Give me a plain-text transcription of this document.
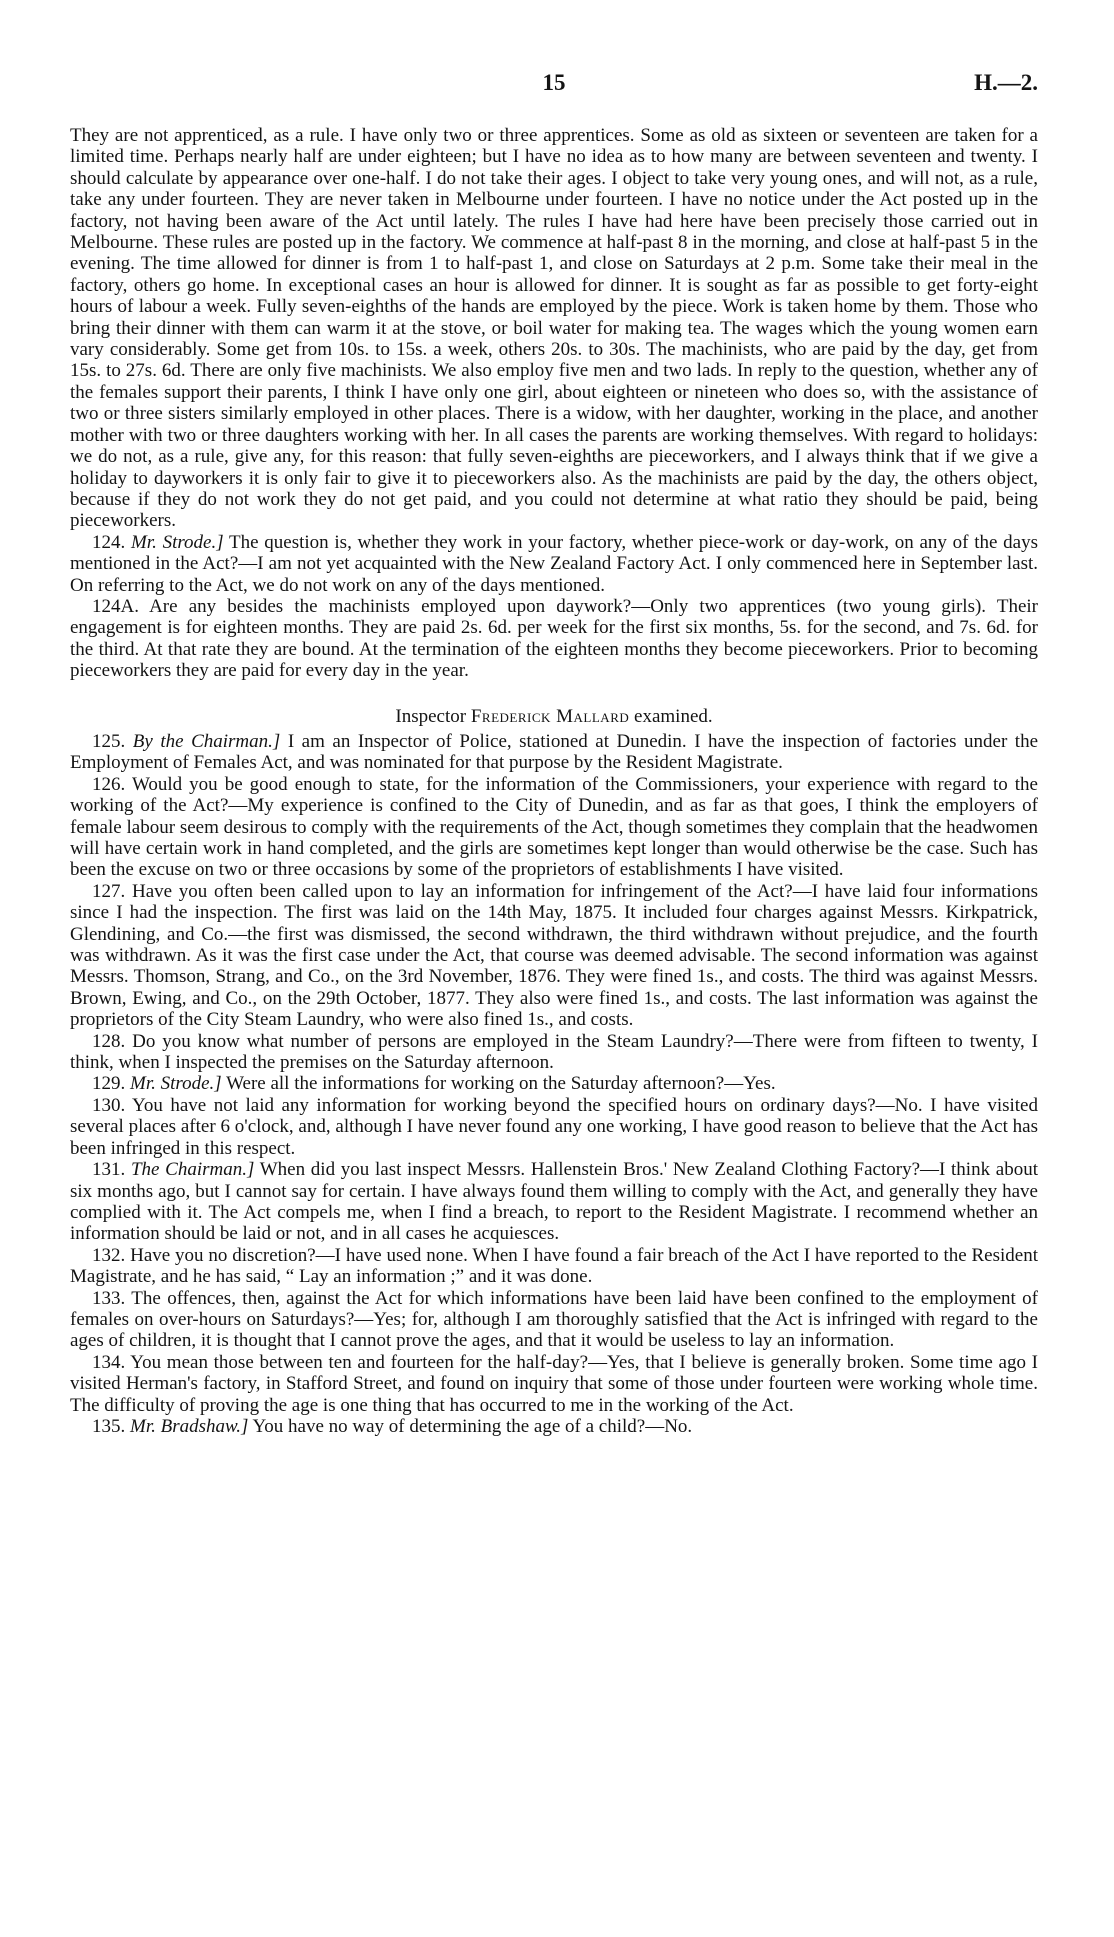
15	H.—2.

They are not apprenticed, as a rule. I have only two or three apprentices. Some as old as sixteen or seventeen are taken for a limited time. Perhaps nearly half are under eighteen; but I have no idea as to how many are between seventeen and twenty. I should calculate by appearance over one-half. I do not take their ages. I object to take very young ones, and will not, as a rule, take any under fourteen. They are never taken in Melbourne under fourteen. I have no notice under the Act posted up in the factory, not having been aware of the Act until lately. The rules I have had here have been precisely those carried out in Melbourne. These rules are posted up in the factory. We commence at half-past 8 in the morning, and close at half-past 5 in the evening. The time allowed for dinner is from 1 to half-past 1, and close on Saturdays at 2 p.m. Some take their meal in the factory, others go home. In exceptional cases an hour is allowed for dinner. It is sought as far as possible to get forty-eight hours of labour a week. Fully seven-eighths of the hands are employed by the piece. Work is taken home by them. Those who bring their dinner with them can warm it at the stove, or boil water for making tea. The wages which the young women earn vary considerably. Some get from 10s. to 15s. a week, others 20s. to 30s. The machinists, who are paid by the day, get from 15s. to 27s. 6d. There are only five machinists. We also employ five men and two lads. In reply to the question, whether any of the females support their parents, I think I have only one girl, about eighteen or nineteen who does so, with the assistance of two or three sisters similarly employed in other places. There is a widow, with her daughter, working in the place, and another mother with two or three daughters working with her. In all cases the parents are working themselves. With regard to holidays: we do not, as a rule, give any, for this reason: that fully seven-eighths are pieceworkers, and I always think that if we give a holiday to dayworkers it is only fair to give it to pieceworkers also. As the machinists are paid by the day, the others object, because if they do not work they do not get paid, and you could not determine at what ratio they should be paid, being pieceworkers.

124. Mr. Strode.] The question is, whether they work in your factory, whether piece-work or day-work, on any of the days mentioned in the Act?—I am not yet acquainted with the New Zealand Factory Act. I only commenced here in September last. On referring to the Act, we do not work on any of the days mentioned.

124A. Are any besides the machinists employed upon daywork?—Only two apprentices (two young girls). Their engagement is for eighteen months. They are paid 2s. 6d. per week for the first six months, 5s. for the second, and 7s. 6d. for the third. At that rate they are bound. At the termination of the eighteen months they become pieceworkers. Prior to becoming pieceworkers they are paid for every day in the year.

Inspector Frederick Mallard examined.

125. By the Chairman.] I am an Inspector of Police, stationed at Dunedin. I have the inspection of factories under the Employment of Females Act, and was nominated for that purpose by the Resident Magistrate.

126. Would you be good enough to state, for the information of the Commissioners, your experience with regard to the working of the Act?—My experience is confined to the City of Dunedin, and as far as that goes, I think the employers of female labour seem desirous to comply with the requirements of the Act, though sometimes they complain that the headwomen will have certain work in hand completed, and the girls are sometimes kept longer than would otherwise be the case. Such has been the excuse on two or three occasions by some of the proprietors of establishments I have visited.

127. Have you often been called upon to lay an information for infringement of the Act?—I have laid four informations since I had the inspection. The first was laid on the 14th May, 1875. It included four charges against Messrs. Kirkpatrick, Glendining, and Co.—the first was dismissed, the second withdrawn, the third withdrawn without prejudice, and the fourth was withdrawn. As it was the first case under the Act, that course was deemed advisable. The second information was against Messrs. Thomson, Strang, and Co., on the 3rd November, 1876. They were fined 1s., and costs. The third was against Messrs. Brown, Ewing, and Co., on the 29th October, 1877. They also were fined 1s., and costs. The last information was against the proprietors of the City Steam Laundry, who were also fined 1s., and costs.

128. Do you know what number of persons are employed in the Steam Laundry?—There were from fifteen to twenty, I think, when I inspected the premises on the Saturday afternoon.

129. Mr. Strode.] Were all the informations for working on the Saturday afternoon?—Yes.

130. You have not laid any information for working beyond the specified hours on ordinary days?—No. I have visited several places after 6 o'clock, and, although I have never found any one working, I have good reason to believe that the Act has been infringed in this respect.

131. The Chairman.] When did you last inspect Messrs. Hallenstein Bros.' New Zealand Clothing Factory?—I think about six months ago, but I cannot say for certain. I have always found them willing to comply with the Act, and generally they have complied with it. The Act compels me, when I find a breach, to report to the Resident Magistrate. I recommend whether an information should be laid or not, and in all cases he acquiesces.

132. Have you no discretion?—I have used none. When I have found a fair breach of the Act I have reported to the Resident Magistrate, and he has said, “ Lay an information ;” and it was done.

133. The offences, then, against the Act for which informations have been laid have been confined to the employment of females on over-hours on Saturdays?—Yes; for, although I am thoroughly satisfied that the Act is infringed with regard to the ages of children, it is thought that I cannot prove the ages, and that it would be useless to lay an information.

134. You mean those between ten and fourteen for the half-day?—Yes, that I believe is generally broken. Some time ago I visited Herman's factory, in Stafford Street, and found on inquiry that some of those under fourteen were working whole time. The difficulty of proving the age is one thing that has occurred to me in the working of the Act.

135. Mr. Bradshaw.] You have no way of determining the age of a child?—No.
